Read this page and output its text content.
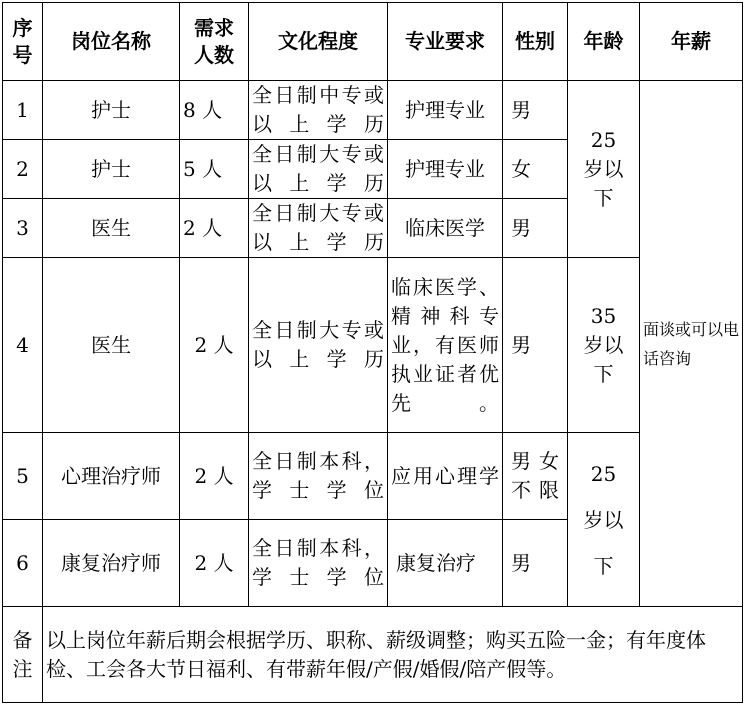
序号	岗位名称	需求人数	文化程度	专业要求	性别	年龄	年薪
1	护士	8 人	全日制中专或以上学历	护理专业	男	25 岁以下	面谈或可以电话咨询
2	护士	5 人	全日制大专或以上学历	护理专业	女		
3	医生	2 人	全日制大专或以上学历	临床医学	男		
4	医生	2 人	全日制大专或以上学历	临床医学、精神科专业，有医师执业证者优先。	男	35 岁以下	
5	心理治疗师	2 人	全日制本科，学士学位	应用心理学	男女不限	25 岁以下	
6	康复治疗师	2 人	全日制本科，学士学位	康复治疗	男		
备注	以上岗位年薪后期会根据学历、职称、薪级调整；购买五险一金；有年度体检、工会各大节日福利、有带薪年假/产假/婚假/陪产假等。						
